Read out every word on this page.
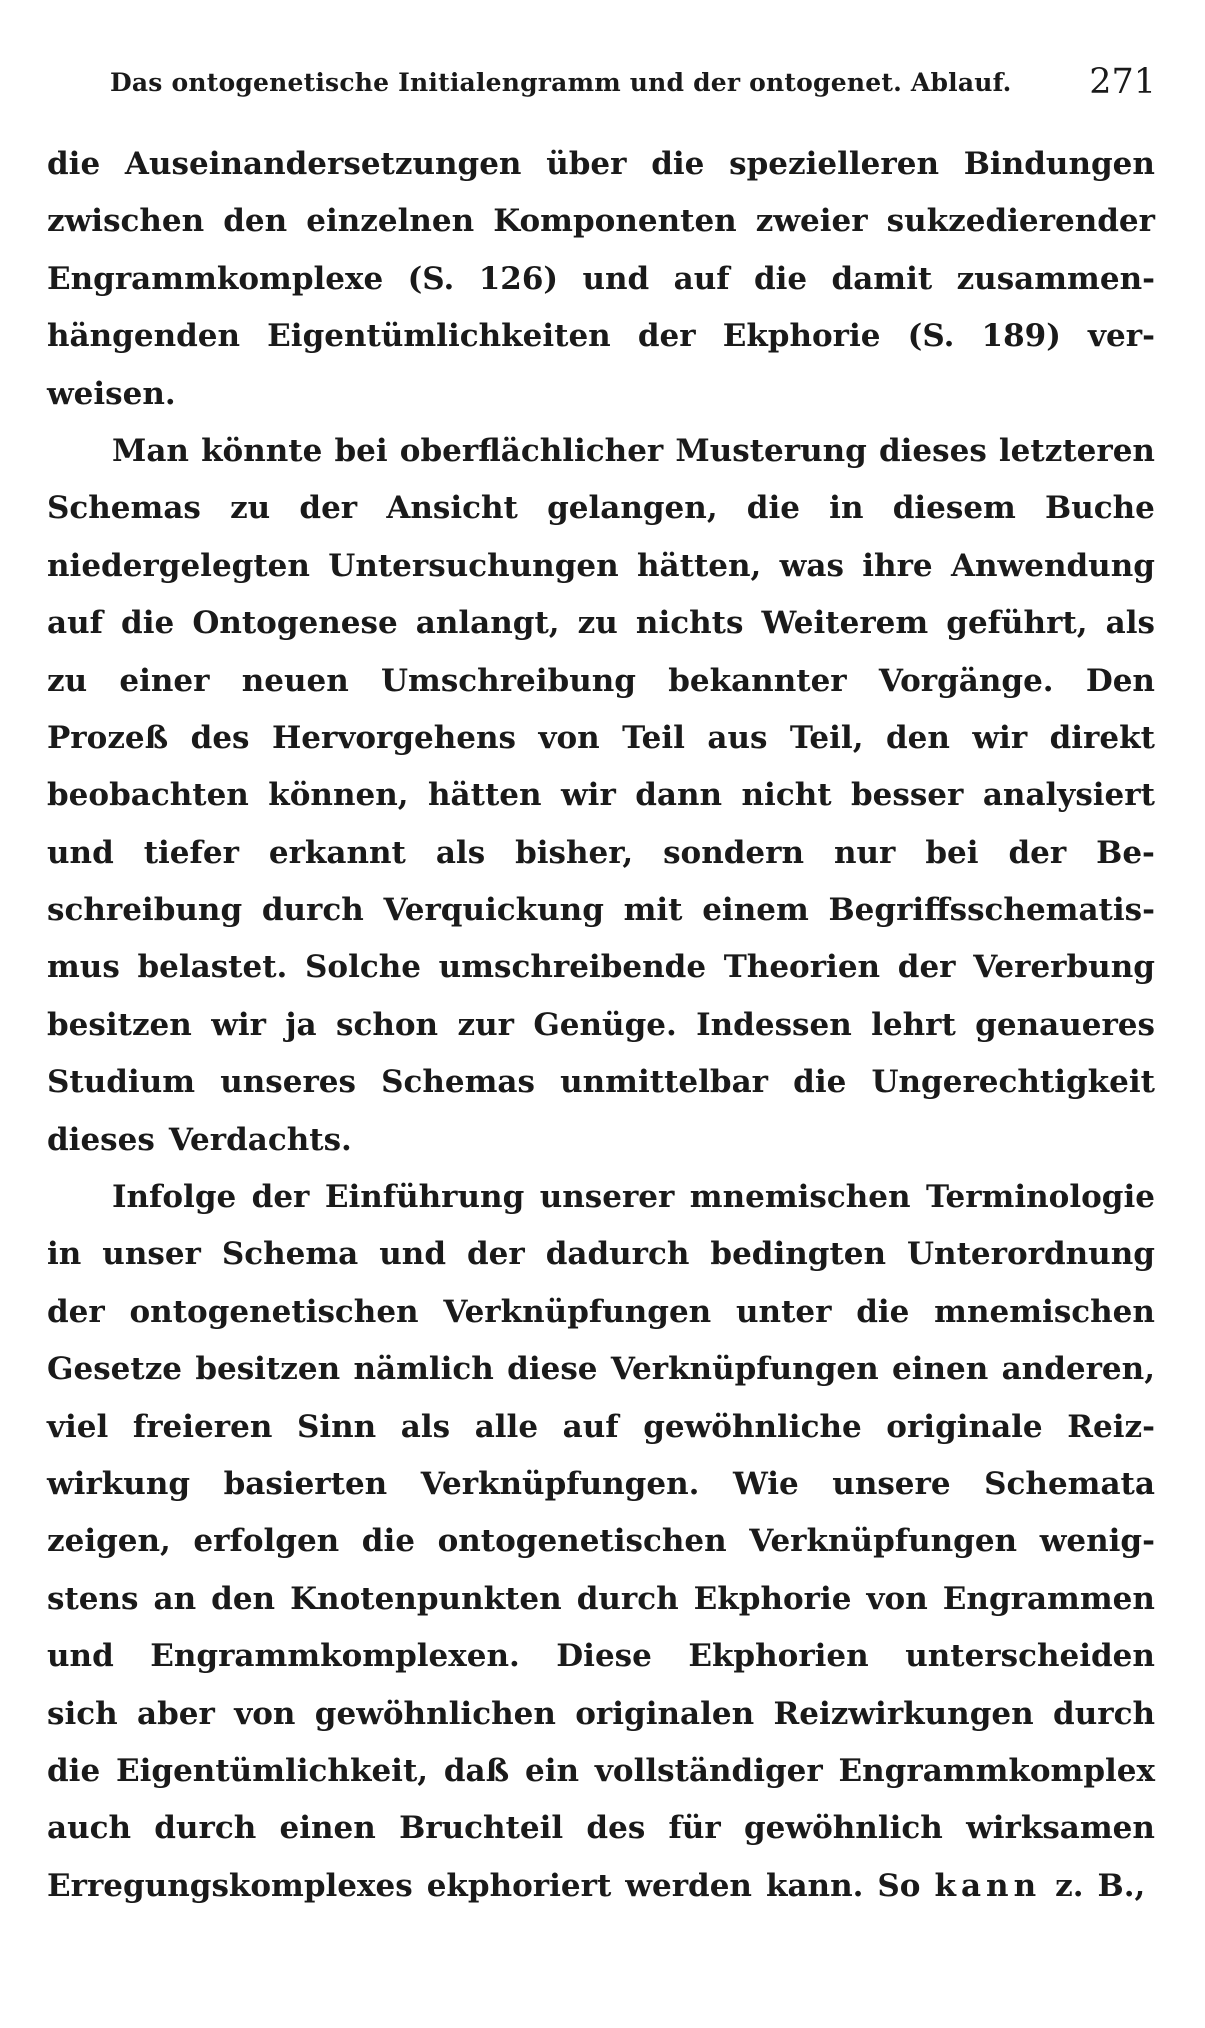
Das ontogenetische Initialengramm und der ontogenet. Ablauf. 271
die Auseinandersetzungen über die spezielleren Bindungen
zwischen den einzelnen Komponenten zweier sukzedierender
Engrammkomplexe (S. 126) und auf die damit zusammen-
hängenden Eigentümlichkeiten der Ekphorie (S. 189) ver-
weisen.
Man könnte bei oberflächlicher Musterung dieses letzteren
Schemas zu der Ansicht gelangen, die in diesem Buche
niedergelegten Untersuchungen hätten, was ihre Anwendung
auf die Ontogenese anlangt, zu nichts Weiterem geführt, als
zu einer neuen Umschreibung bekannter Vorgänge. Den
Prozeß des Hervorgehens von Teil aus Teil, den wir direkt
beobachten können, hätten wir dann nicht besser analysiert
und tiefer erkannt als bisher, sondern nur bei der Be-
schreibung durch Verquickung mit einem Begriffsschematis-
mus belastet. Solche umschreibende Theorien der Vererbung
besitzen wir ja schon zur Genüge. Indessen lehrt genaueres
Studium unseres Schemas unmittelbar die Ungerechtigkeit
dieses Verdachts.
Infolge der Einführung unserer mnemischen Terminologie
in unser Schema und der dadurch bedingten Unterordnung
der ontogenetischen Verknüpfungen unter die mnemischen
Gesetze besitzen nämlich diese Verknüpfungen einen anderen,
viel freieren Sinn als alle auf gewöhnliche originale Reiz-
wirkung basierten Verknüpfungen. Wie unsere Schemata
zeigen, erfolgen die ontogenetischen Verknüpfungen wenig-
stens an den Knotenpunkten durch Ekphorie von Engrammen
und Engrammkomplexen. Diese Ekphorien unterscheiden
sich aber von gewöhnlichen originalen Reizwirkungen durch
die Eigentümlichkeit, daß ein vollständiger Engrammkomplex
auch durch einen Bruchteil des für gewöhnlich wirksamen
Erregungskomplexes ekphoriert werden kann. So kann z. B.,
